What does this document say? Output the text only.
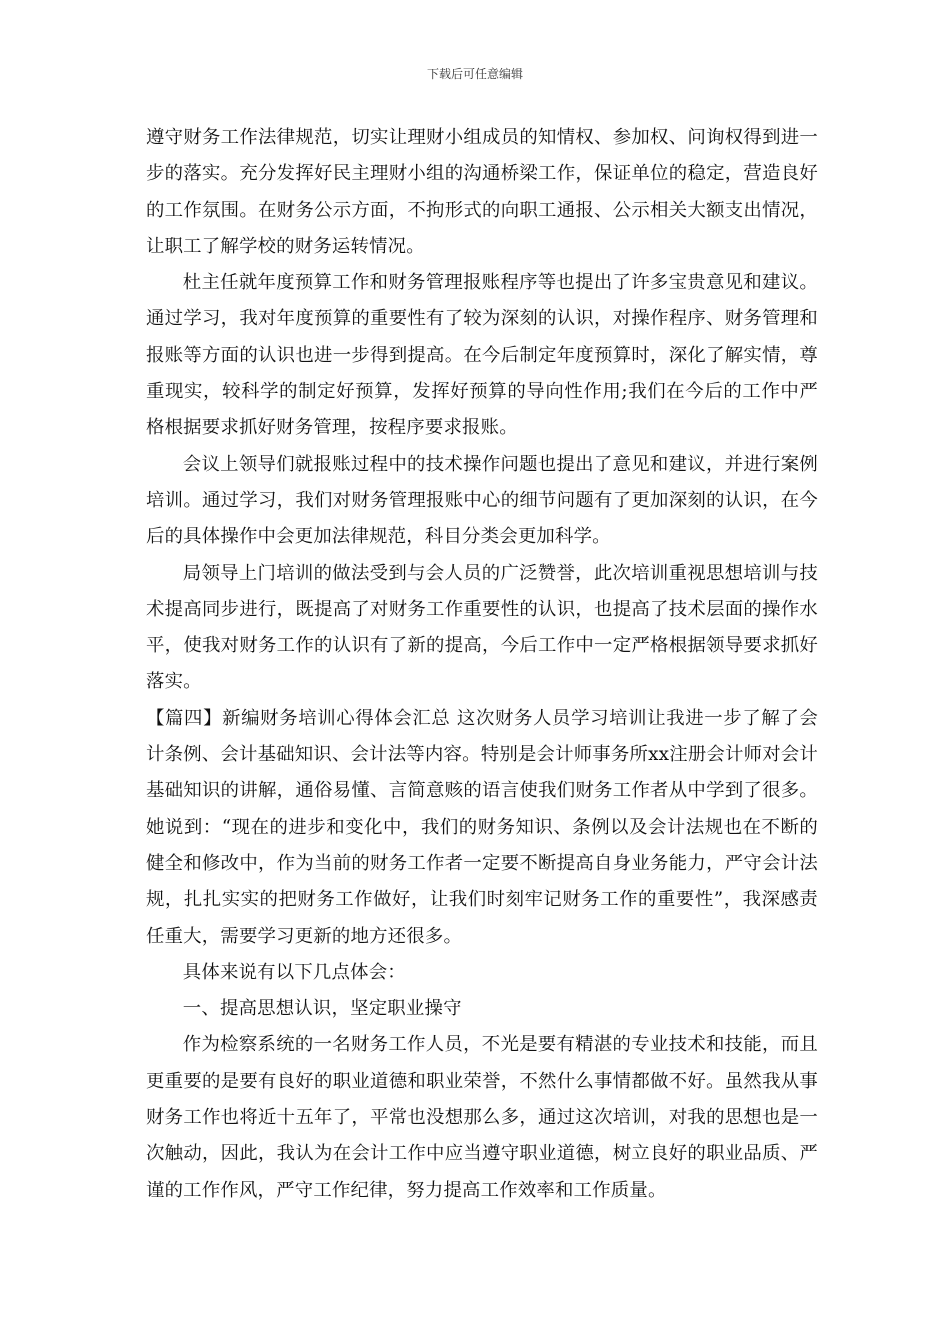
下载后可任意编辑

遵守财务工作法律规范，切实让理财小组成员的知情权、参加权、问询权得到进一步的落实。充分发挥好民主理财小组的沟通桥梁工作，保证单位的稳定，营造良好的工作氛围。在财务公示方面，不拘形式的向职工通报、公示相关大额支出情况，让职工了解学校的财务运转情况。

杜主任就年度预算工作和财务管理报账程序等也提出了许多宝贵意见和建议。通过学习，我对年度预算的重要性有了较为深刻的认识，对操作程序、财务管理和报账等方面的认识也进一步得到提高。在今后制定年度预算时，深化了解实情，尊重现实，较科学的制定好预算，发挥好预算的导向性作用;我们在今后的工作中严格根据要求抓好财务管理，按程序要求报账。

会议上领导们就报账过程中的技术操作问题也提出了意见和建议，并进行案例培训。通过学习，我们对财务管理报账中心的细节问题有了更加深刻的认识，在今后的具体操作中会更加法律规范，科目分类会更加科学。

局领导上门培训的做法受到与会人员的广泛赞誉，此次培训重视思想培训与技术提高同步进行，既提高了对财务工作重要性的认识，也提高了技术层面的操作水平，使我对财务工作的认识有了新的提高，今后工作中一定严格根据领导要求抓好落实。

【篇四】新编财务培训心得体会汇总 这次财务人员学习培训让我进一步了解了会计条例、会计基础知识、会计法等内容。特别是会计师事务所xx注册会计师对会计基础知识的讲解，通俗易懂、言简意赅的语言使我们财务工作者从中学到了很多。她说到：“现在的进步和变化中，我们的财务知识、条例以及会计法规也在不断的健全和修改中，作为当前的财务工作者一定要不断提高自身业务能力，严守会计法规，扎扎实实的把财务工作做好，让我们时刻牢记财务工作的重要性”，我深感责任重大，需要学习更新的地方还很多。

具体来说有以下几点体会：

一、提高思想认识，坚定职业操守

作为检察系统的一名财务工作人员，不光是要有精湛的专业技术和技能，而且更重要的是要有良好的职业道德和职业荣誉，不然什么事情都做不好。虽然我从事财务工作也将近十五年了，平常也没想那么多，通过这次培训，对我的思想也是一次触动，因此，我认为在会计工作中应当遵守职业道德，树立良好的职业品质、严谨的工作作风，严守工作纪律，努力提高工作效率和工作质量。
